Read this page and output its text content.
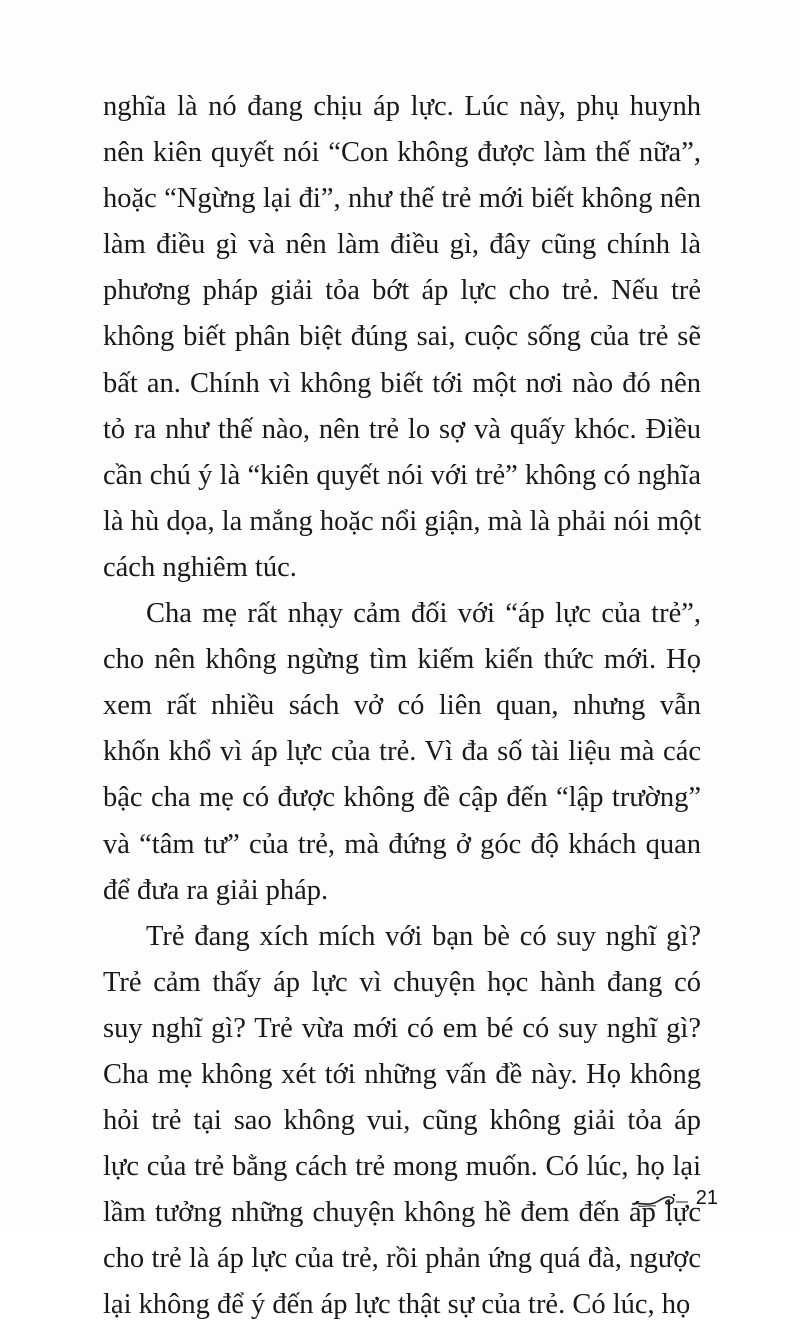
nghĩa là nó đang chịu áp lực. Lúc này, phụ huynh
nên kiên quyết nói “Con không được làm thế nữa”,
hoặc “Ngừng lại đi”, như thế trẻ mới biết không nên
làm điều gì và nên làm điều gì, đây cũng chính là
phương pháp giải tỏa bớt áp lực cho trẻ. Nếu trẻ
không biết phân biệt đúng sai, cuộc sống của trẻ sẽ
bất an. Chính vì không biết tới một nơi nào đó nên
tỏ ra như thế nào, nên trẻ lo sợ và quấy khóc. Điều
cần chú ý là “kiên quyết nói với trẻ” không có nghĩa
là hù dọa, la mắng hoặc nổi giận, mà là phải nói một
cách nghiêm túc.
Cha mẹ rất nhạy cảm đối với “áp lực của trẻ”,
cho nên không ngừng tìm kiếm kiến thức mới. Họ
xem rất nhiều sách vở có liên quan, nhưng vẫn
khốn khổ vì áp lực của trẻ. Vì đa số tài liệu mà các
bậc cha mẹ có được không đề cập đến “lập trường”
và “tâm tư” của trẻ, mà đứng ở góc độ khách quan
để đưa ra giải pháp.
Trẻ đang xích mích với bạn bè có suy nghĩ gì?
Trẻ cảm thấy áp lực vì chuyện học hành đang có
suy nghĩ gì? Trẻ vừa mới có em bé có suy nghĩ gì?
Cha mẹ không xét tới những vấn đề này. Họ không
hỏi trẻ tại sao không vui, cũng không giải tỏa áp
lực của trẻ bằng cách trẻ mong muốn. Có lúc, họ lại
lầm tưởng những chuyện không hề đem đến áp lực
cho trẻ là áp lực của trẻ, rồi phản ứng quá đà, ngược
lại không để ý đến áp lực thật sự của trẻ. Có lúc, họ
21
